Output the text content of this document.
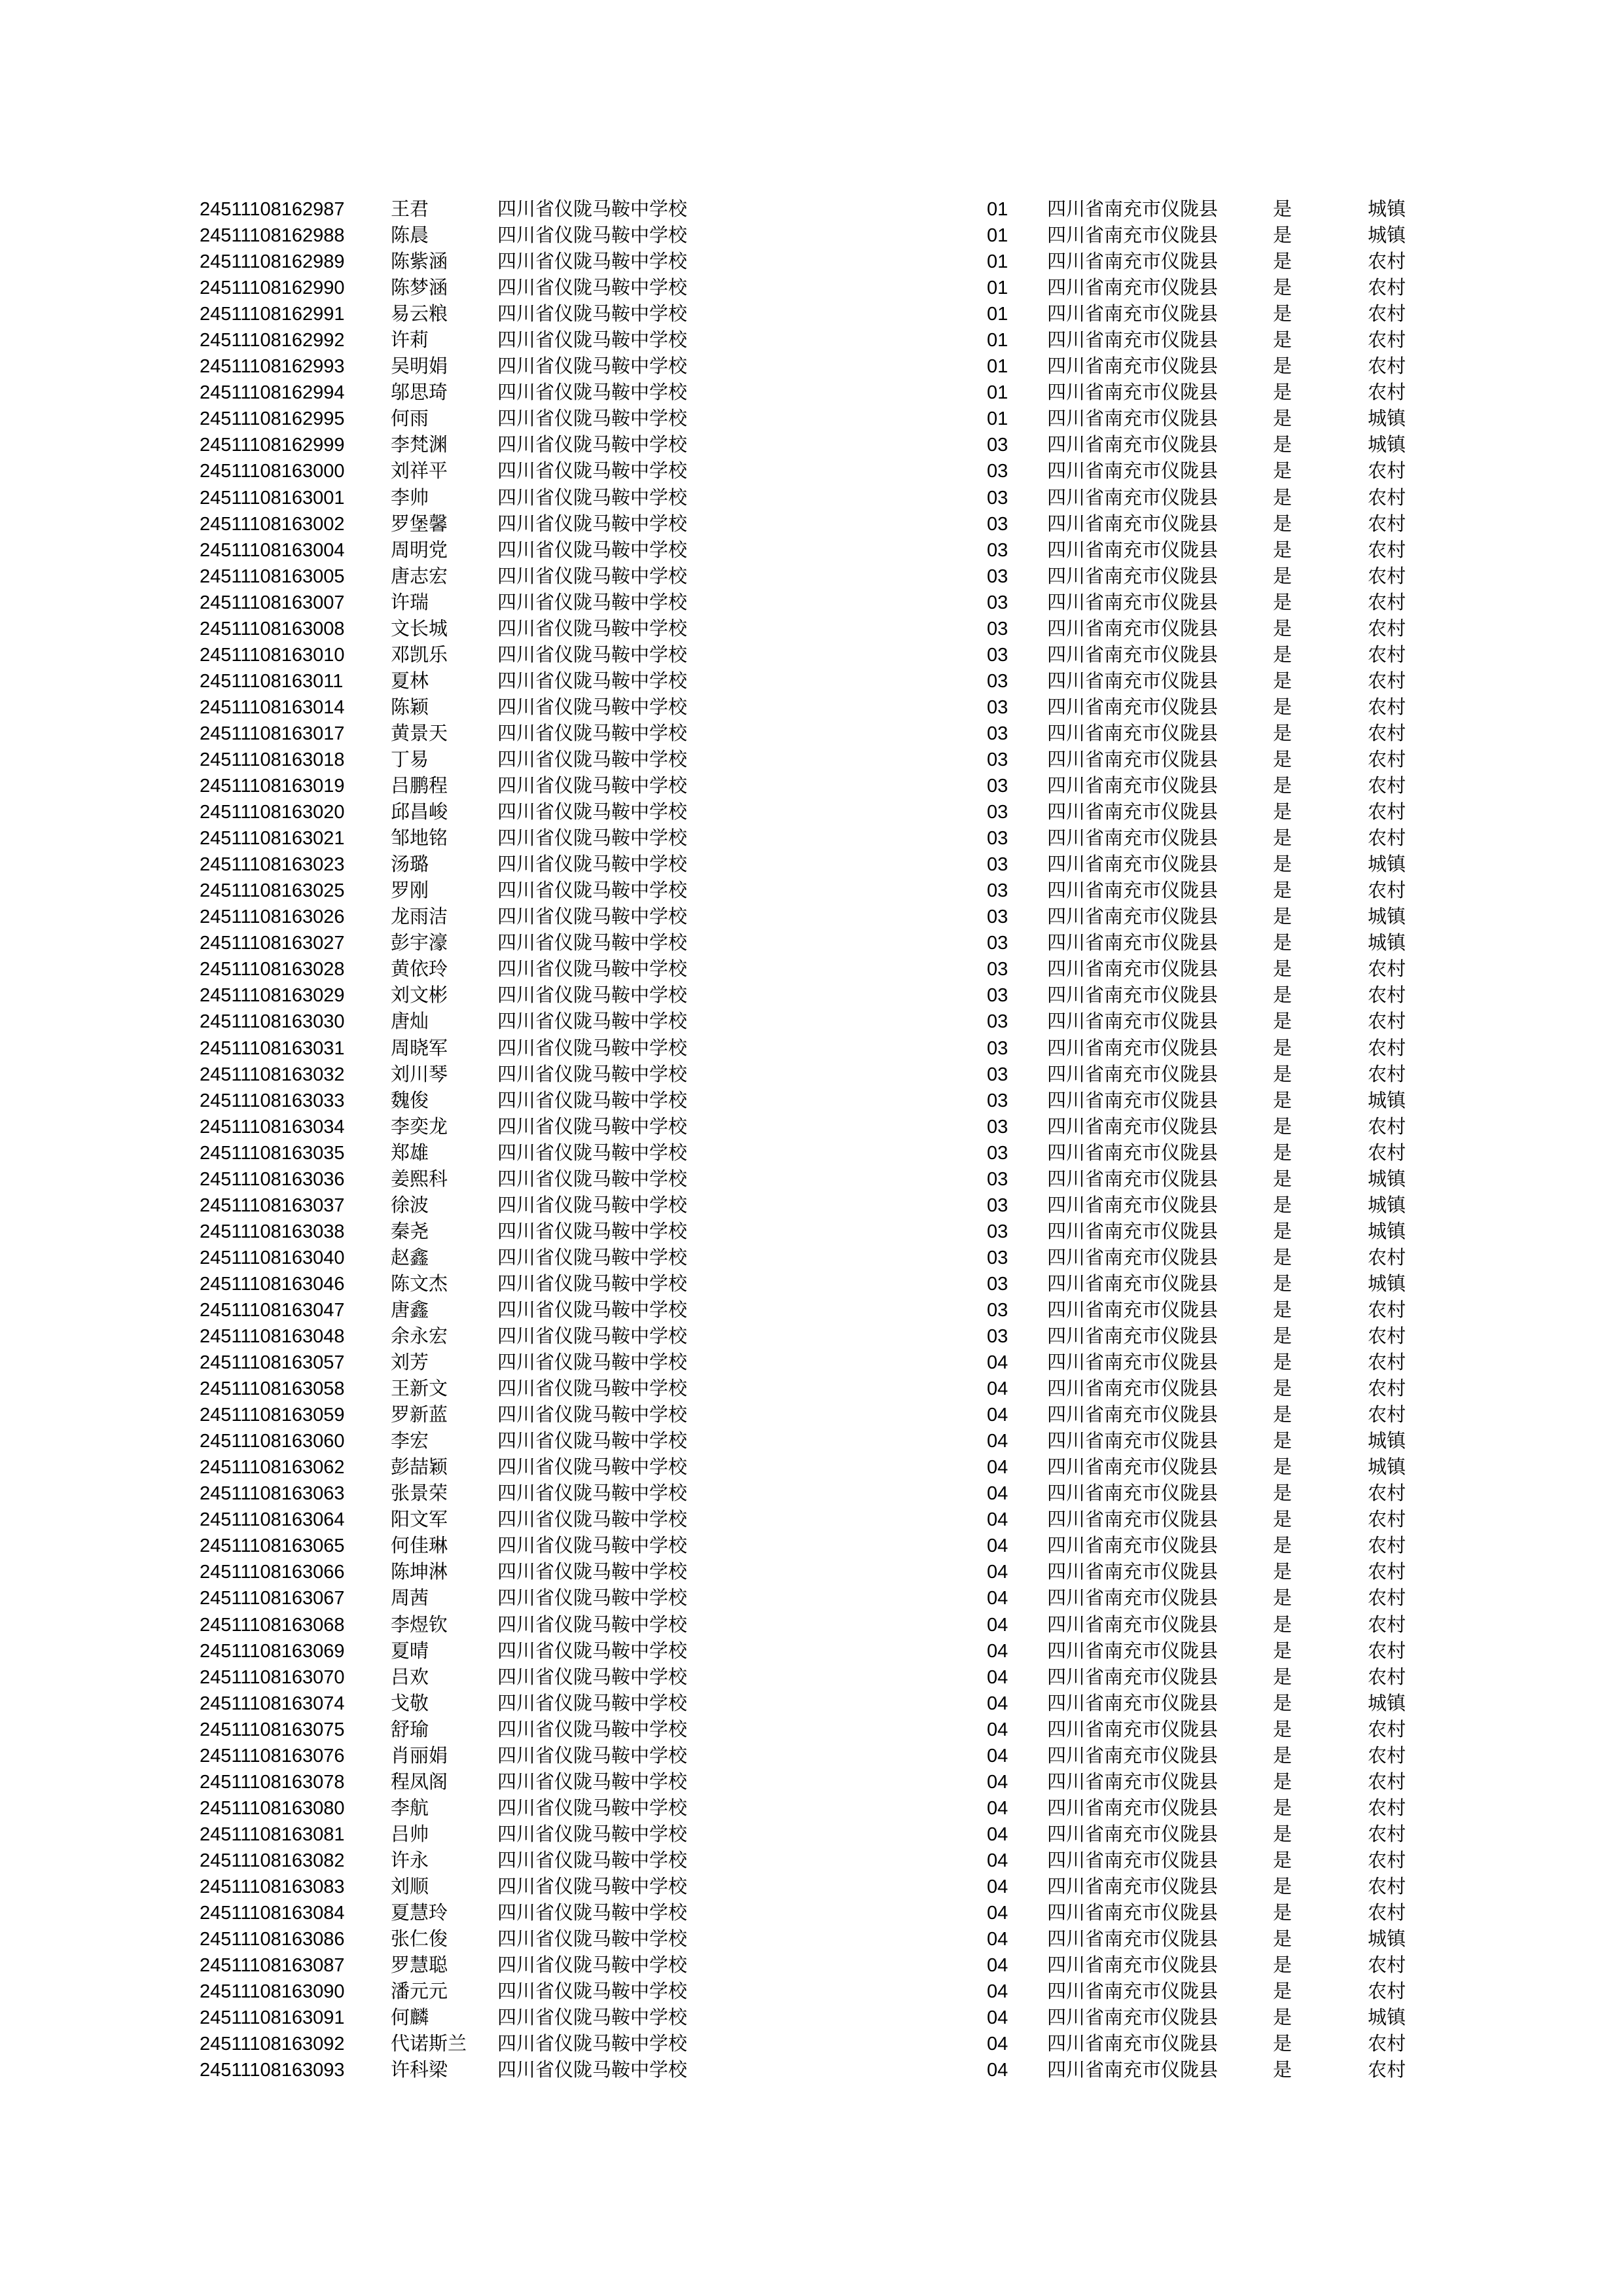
24511108162987 王君	四川省仪陇马鞍中学校	01 四川省南充市仪陇县	是	城镇
24511108162988 陈晨	四川省仪陇马鞍中学校	01 四川省南充市仪陇县	是	城镇
24511108162989 陈紫涵	四川省仪陇马鞍中学校	01 四川省南充市仪陇县	是	农村
24511108162990 陈梦涵	四川省仪陇马鞍中学校	01 四川省南充市仪陇县	是	农村
24511108162991 易云粮	四川省仪陇马鞍中学校	01 四川省南充市仪陇县	是	农村
24511108162992 许莉	四川省仪陇马鞍中学校	01 四川省南充市仪陇县	是	农村
24511108162993 吴明娟	四川省仪陇马鞍中学校	01 四川省南充市仪陇县	是	农村
24511108162994 邬思琦	四川省仪陇马鞍中学校	01 四川省南充市仪陇县	是	农村
24511108162995 何雨	四川省仪陇马鞍中学校	01 四川省南充市仪陇县	是	城镇
24511108162999 李梵渊	四川省仪陇马鞍中学校	03 四川省南充市仪陇县	是	城镇
24511108163000 刘祥平	四川省仪陇马鞍中学校	03 四川省南充市仪陇县	是	农村
24511108163001 李帅	四川省仪陇马鞍中学校	03 四川省南充市仪陇县	是	农村
24511108163002 罗堡馨	四川省仪陇马鞍中学校	03 四川省南充市仪陇县	是	农村
24511108163004 周明党	四川省仪陇马鞍中学校	03 四川省南充市仪陇县	是	农村
24511108163005 唐志宏	四川省仪陇马鞍中学校	03 四川省南充市仪陇县	是	农村
24511108163007 许瑞	四川省仪陇马鞍中学校	03 四川省南充市仪陇县	是	农村
24511108163008 文长城	四川省仪陇马鞍中学校	03 四川省南充市仪陇县	是	农村
24511108163010 邓凯乐	四川省仪陇马鞍中学校	03 四川省南充市仪陇县	是	农村
24511108163011	夏林	四川省仪陇马鞍中学校	03 四川省南充市仪陇县	是	农村
24511108163014 陈颖	四川省仪陇马鞍中学校	03 四川省南充市仪陇县	是	农村
24511108163017 黄景天	四川省仪陇马鞍中学校	03 四川省南充市仪陇县	是	农村
24511108163018 丁易	四川省仪陇马鞍中学校	03 四川省南充市仪陇县	是	农村
24511108163019 吕鹏程	四川省仪陇马鞍中学校	03 四川省南充市仪陇县	是	农村
24511108163020 邱昌峻	四川省仪陇马鞍中学校	03 四川省南充市仪陇县	是	农村
24511108163021 邹地铭	四川省仪陇马鞍中学校	03 四川省南充市仪陇县	是	农村
24511108163023 汤璐	四川省仪陇马鞍中学校	03 四川省南充市仪陇县	是	城镇
24511108163025 罗刚	四川省仪陇马鞍中学校	03 四川省南充市仪陇县	是	农村
24511108163026 龙雨洁	四川省仪陇马鞍中学校	03 四川省南充市仪陇县	是	城镇
24511108163027 彭宇濠	四川省仪陇马鞍中学校	03 四川省南充市仪陇县	是	城镇
24511108163028 黄依玲	四川省仪陇马鞍中学校	03 四川省南充市仪陇县	是	农村
24511108163029 刘文彬	四川省仪陇马鞍中学校	03 四川省南充市仪陇县	是	农村
24511108163030 唐灿	四川省仪陇马鞍中学校	03 四川省南充市仪陇县	是	农村
24511108163031 周晓军	四川省仪陇马鞍中学校	03 四川省南充市仪陇县	是	农村
24511108163032 刘川琴	四川省仪陇马鞍中学校	03 四川省南充市仪陇县	是	农村
24511108163033 魏俊	四川省仪陇马鞍中学校	03 四川省南充市仪陇县	是	城镇
24511108163034 李奕龙	四川省仪陇马鞍中学校	03 四川省南充市仪陇县	是	农村
24511108163035 郑雄	四川省仪陇马鞍中学校	03 四川省南充市仪陇县	是	农村
24511108163036 姜熙科	四川省仪陇马鞍中学校	03 四川省南充市仪陇县	是	城镇
24511108163037 徐波	四川省仪陇马鞍中学校	03 四川省南充市仪陇县	是	城镇
24511108163038 秦尧	四川省仪陇马鞍中学校	03 四川省南充市仪陇县	是	城镇
24511108163040 赵鑫	四川省仪陇马鞍中学校	03 四川省南充市仪陇县	是	农村
24511108163046 陈文杰	四川省仪陇马鞍中学校	03 四川省南充市仪陇县	是	城镇
24511108163047 唐鑫	四川省仪陇马鞍中学校	03 四川省南充市仪陇县	是	农村
24511108163048 余永宏	四川省仪陇马鞍中学校	03 四川省南充市仪陇县	是	农村
24511108163057 刘芳	四川省仪陇马鞍中学校	04 四川省南充市仪陇县	是	农村
24511108163058 王新文	四川省仪陇马鞍中学校	04 四川省南充市仪陇县	是	农村
24511108163059 罗新蓝	四川省仪陇马鞍中学校	04 四川省南充市仪陇县	是	农村
24511108163060 李宏	四川省仪陇马鞍中学校	04 四川省南充市仪陇县	是	城镇
24511108163062 彭喆颖	四川省仪陇马鞍中学校	04 四川省南充市仪陇县	是	城镇
24511108163063 张景荣	四川省仪陇马鞍中学校	04 四川省南充市仪陇县	是	农村
24511108163064 阳文军	四川省仪陇马鞍中学校	04 四川省南充市仪陇县	是	农村
24511108163065 何佳琳	四川省仪陇马鞍中学校	04 四川省南充市仪陇县	是	农村
24511108163066 陈坤淋	四川省仪陇马鞍中学校	04 四川省南充市仪陇县	是	农村
24511108163067 周茜	四川省仪陇马鞍中学校	04 四川省南充市仪陇县	是	农村
24511108163068 李煜钦	四川省仪陇马鞍中学校	04 四川省南充市仪陇县	是	农村
24511108163069 夏晴	四川省仪陇马鞍中学校	04 四川省南充市仪陇县	是	农村
24511108163070 吕欢	四川省仪陇马鞍中学校	04 四川省南充市仪陇县	是	农村
24511108163074 戈敬	四川省仪陇马鞍中学校	04 四川省南充市仪陇县	是	城镇
24511108163075 舒瑜	四川省仪陇马鞍中学校	04 四川省南充市仪陇县	是	农村
24511108163076 肖丽娟	四川省仪陇马鞍中学校	04 四川省南充市仪陇县	是	农村
24511108163078 程凤阁	四川省仪陇马鞍中学校	04 四川省南充市仪陇县	是	农村
24511108163080 李航	四川省仪陇马鞍中学校	04 四川省南充市仪陇县	是	农村
24511108163081 吕帅	四川省仪陇马鞍中学校	04 四川省南充市仪陇县	是	农村
24511108163082 许永	四川省仪陇马鞍中学校	04 四川省南充市仪陇县	是	农村
24511108163083 刘顺	四川省仪陇马鞍中学校	04 四川省南充市仪陇县	是	农村
24511108163084 夏慧玲	四川省仪陇马鞍中学校	04 四川省南充市仪陇县	是	农村
24511108163086 张仁俊	四川省仪陇马鞍中学校	04 四川省南充市仪陇县	是	城镇
24511108163087 罗慧聪	四川省仪陇马鞍中学校	04 四川省南充市仪陇县	是	农村
24511108163090 潘元元	四川省仪陇马鞍中学校	04 四川省南充市仪陇县	是	农村
24511108163091 何麟	四川省仪陇马鞍中学校	04 四川省南充市仪陇县	是	城镇
24511108163092 代诺斯兰 四川省仪陇马鞍中学校	04 四川省南充市仪陇县	是	农村
24511108163093 许科梁	四川省仪陇马鞍中学校	04 四川省南充市仪陇县	是	农村
